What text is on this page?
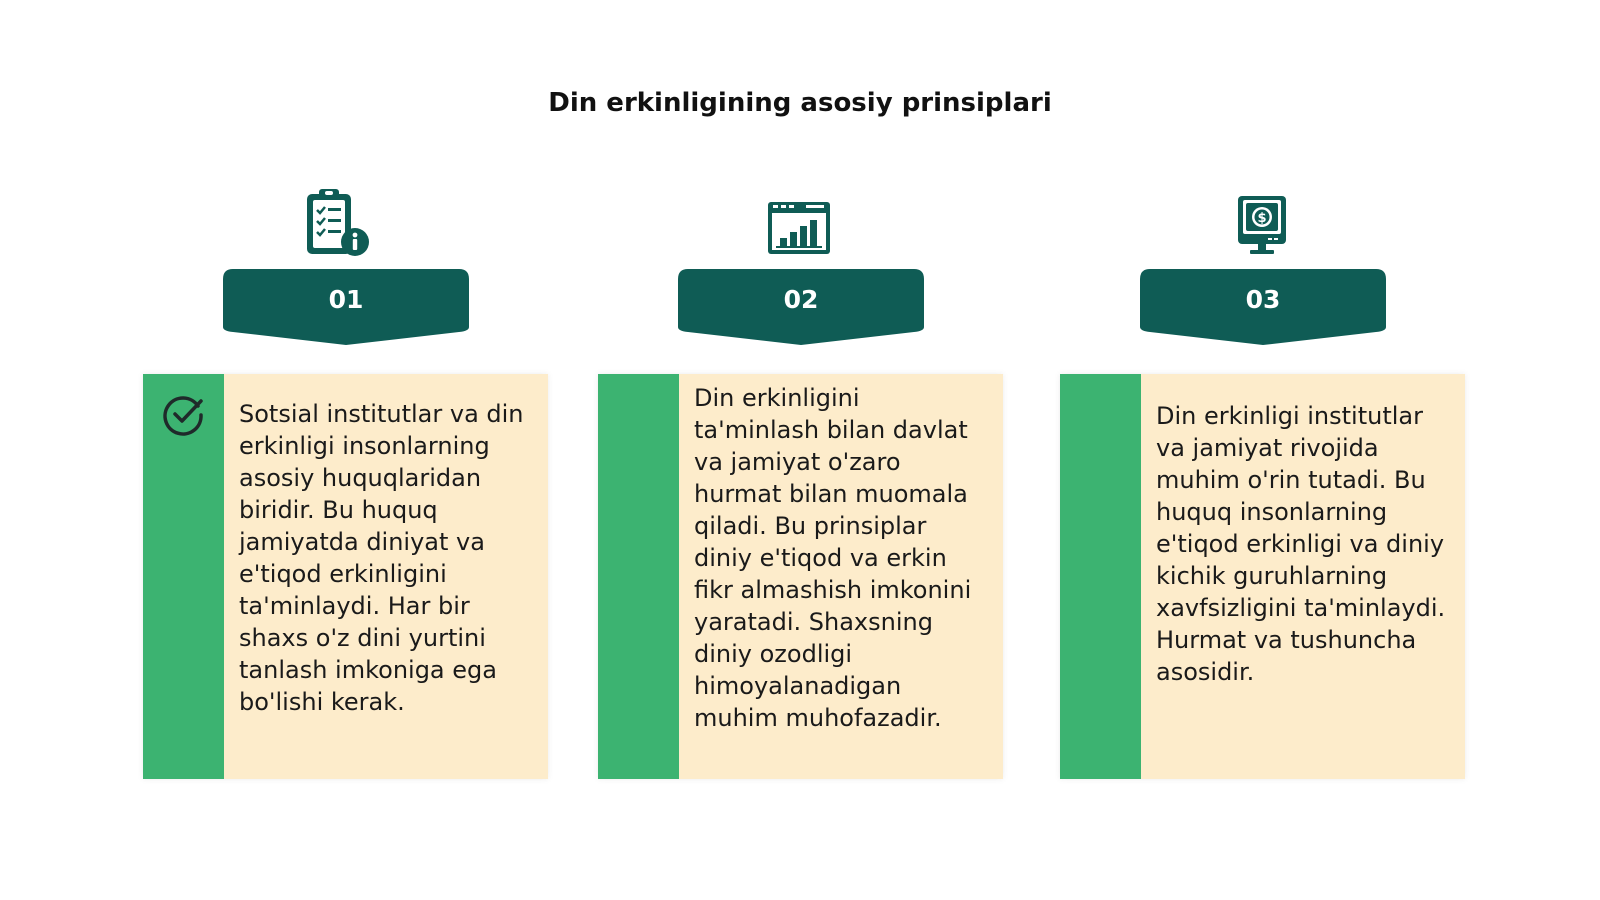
Din erkinligining asosiy prinsiplari
01

Sotsial institutlar va din erkinligi insonlarning asosiy huquqlaridan biridir. Bu huquq jamiyatda diniyat va e'tiqod erkinligini ta'minlaydi. Har bir shaxs o'z dini yurtini tanlash imkoniga ega bo'lishi kerak.

02

Din erkinligini ta'minlash bilan davlat va jamiyat o'zaro hurmat bilan muomala qiladi. Bu prinsiplar diniy e'tiqod va erkin fikr almashish imkonini yaratadi. Shaxsning diniy ozodligi himoyalanadigan muhim muhofazadir.

$
03

Din erkinligi institutlar va jamiyat rivojida muhim o'rin tutadi. Bu huquq insonlarning e'tiqod erkinligi va diniy kichik guruhlarning xavfsizligini ta'minlaydi. Hurmat va tushuncha asosidir.
